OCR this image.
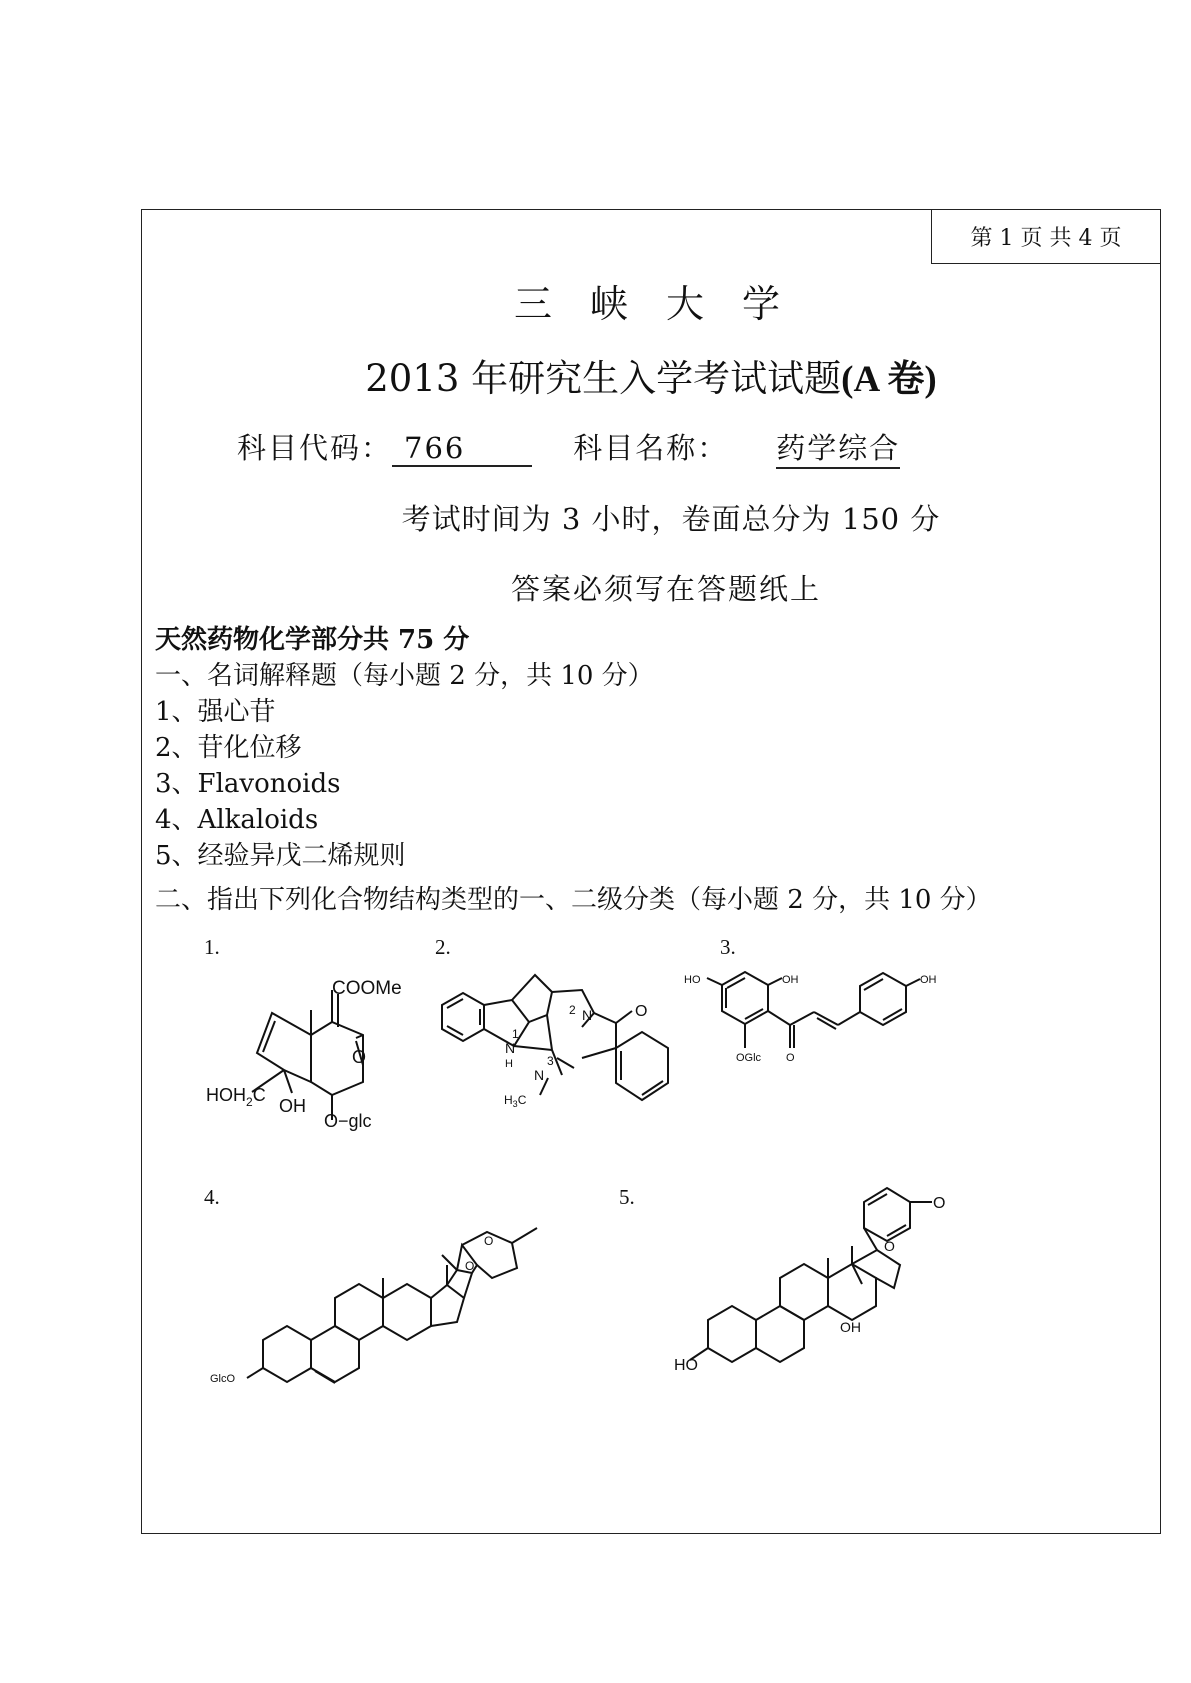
第 1 页 共 4 页
三峡大学
2013 年研究生入学考试试题(A 卷)
科目代码： 766	科目名称： 药学综合
考试时间为 3 小时，卷面总分为 150 分
答案必须写在答题纸上
天然药物化学部分共 75 分
一、名词解释题（每小题 2 分，共 10 分）
1、强心苷
2、苷化位移
3、Flavonoids
4、Alkaloids
5、经验异戊二烯规则
二、指出下列化合物结构类型的一、二级分类（每小题 2 分，共 10 分）
1.	2.	3.
4.	5.
COOMe
O
$HOH_2C$
OH
O−glc
1
N
H
2 N
3
N
O
$H_3C$
HO	OH
OGlc O
OH
GlcO
O
O
HO
OH
O
O
